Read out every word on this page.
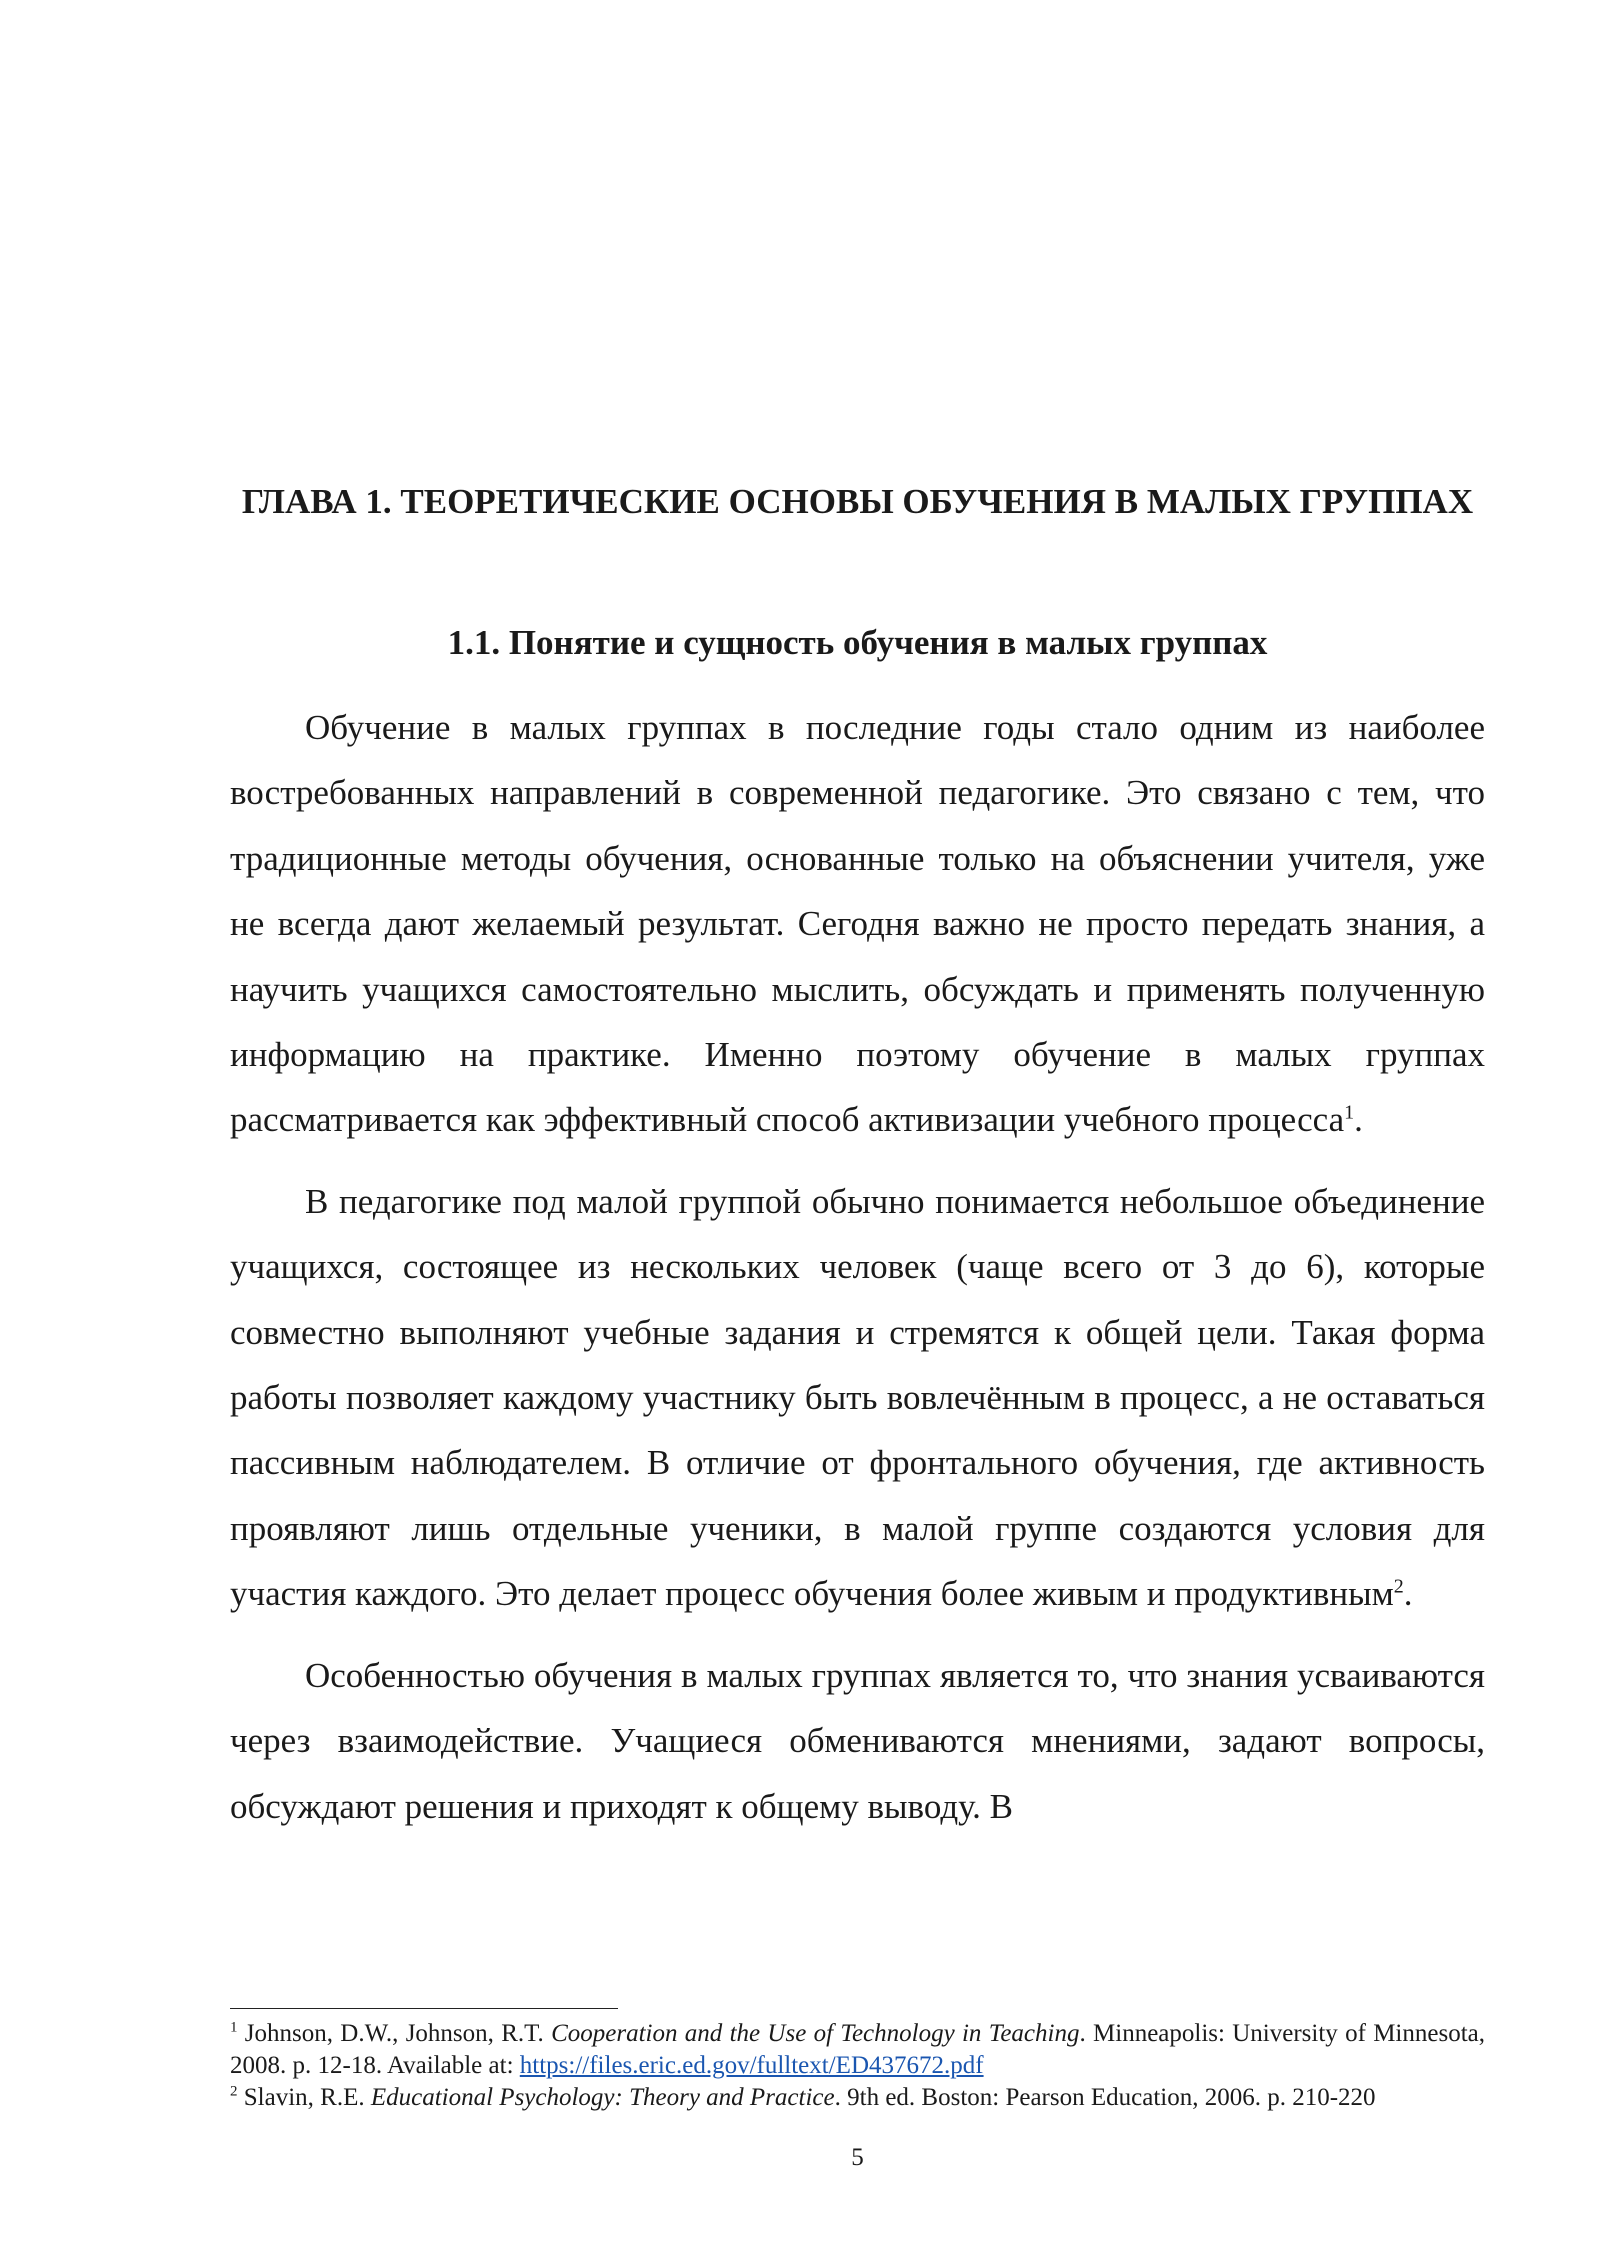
ГЛАВА 1. ТЕОРЕТИЧЕСКИЕ ОСНОВЫ ОБУЧЕНИЯ В МАЛЫХ ГРУППАХ
1.1. Понятие и сущность обучения в малых группах

Обучение в малых группах в последние годы стало одним из наиболее востребованных направлений в современной педагогике. Это связано с тем, что традиционные методы обучения, основанные только на объяснении учителя, уже не всегда дают желаемый результат. Сегодня важно не просто передать знания, а научить учащихся самостоятельно мыслить, обсуждать и применять полученную информацию на практике. Именно поэтому обучение в малых группах рассматривается как эффективный способ активизации учебного процесса$^1$.

В педагогике под малой группой обычно понимается небольшое объединение учащихся, состоящее из нескольких человек (чаще всего от 3 до 6), которые совместно выполняют учебные задания и стремятся к общей цели. Такая форма работы позволяет каждому участнику быть вовлечённым в процесс, а не оставаться пассивным наблюдателем. В отличие от фронтального обучения, где активность проявляют лишь отдельные ученики, в малой группе создаются условия для участия каждого. Это делает процесс обучения более живым и продуктивным$^2$.

Особенностью обучения в малых группах является то, что знания усваиваются через взаимодействие. Учащиеся обмениваются мнениями, задают вопросы, обсуждают решения и приходят к общему выводу. В

$^1$ Johnson, D.W., Johnson, R.T. Cooperation and the Use of Technology in Teaching. Minneapolis: University of Minnesota, 2008. p. 12-18. Available at: https://files.eric.ed.gov/fulltext/ED437672.pdf

$^2$ Slavin, R.E. Educational Psychology: Theory and Practice. 9th ed. Boston: Pearson Education, 2006. p. 210-220

5
